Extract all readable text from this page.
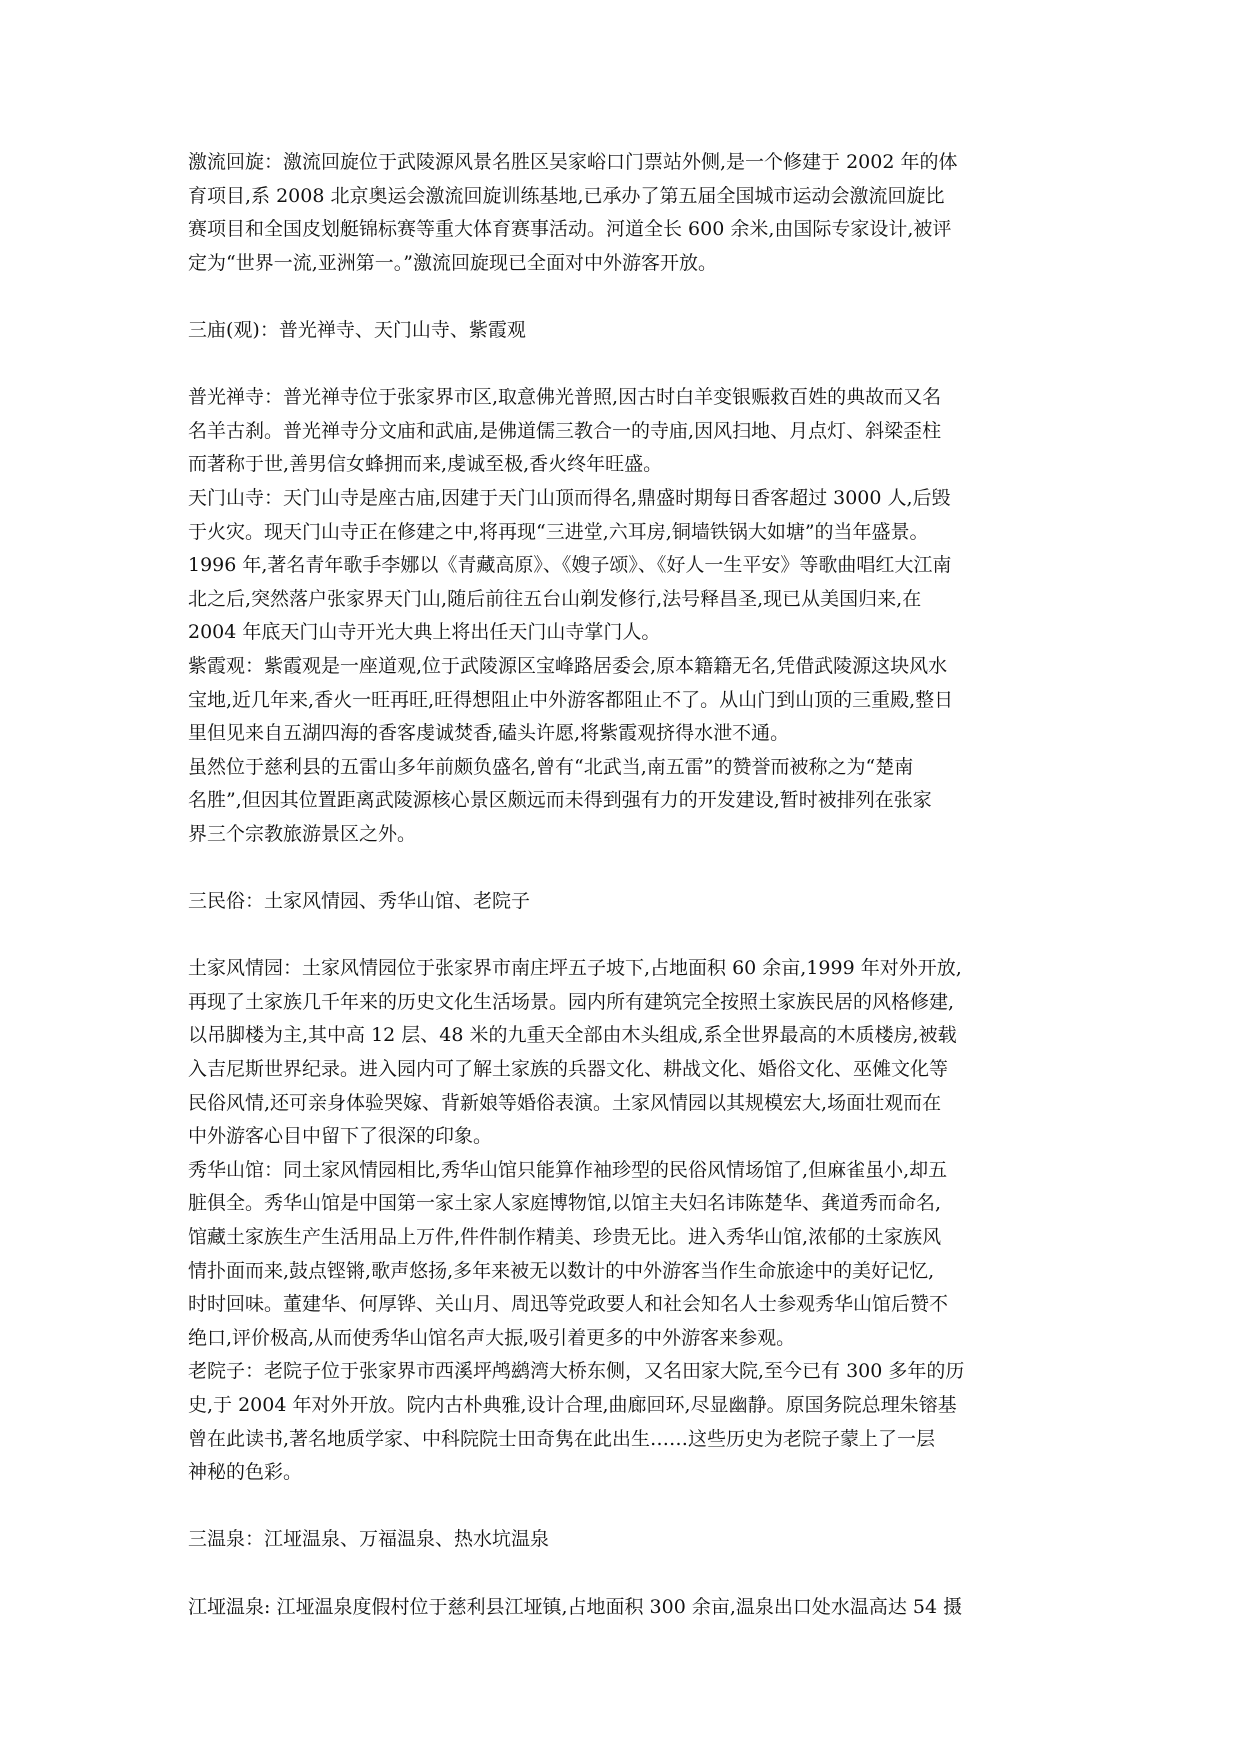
激流回旋：激流回旋位于武陵源风景名胜区吴家峪口门票站外侧,是一个修建于 2002 年的体
育项目,系 2008 北京奥运会激流回旋训练基地,已承办了第五届全国城市运动会激流回旋比
赛项目和全国皮划艇锦标赛等重大体育赛事活动。河道全长 600 余米,由国际专家设计,被评
定为“世界一流,亚洲第一。”激流回旋现已全面对中外游客开放。

三庙(观)：普光禅寺、天门山寺、紫霞观

普光禅寺：普光禅寺位于张家界市区,取意佛光普照,因古时白羊变银赈救百姓的典故而又名
名羊古刹。普光禅寺分文庙和武庙,是佛道儒三教合一的寺庙,因风扫地、月点灯、斜梁歪柱
而著称于世,善男信女蜂拥而来,虔诚至极,香火终年旺盛。

天门山寺：天门山寺是座古庙,因建于天门山顶而得名,鼎盛时期每日香客超过 3000 人,后毁
于火灾。现天门山寺正在修建之中,将再现“三进堂,六耳房,铜墙铁锅大如塘”的当年盛景。
1996 年,著名青年歌手李娜以《青藏高原》、《嫂子颂》、《好人一生平安》等歌曲唱红大江南
北之后,突然落户张家界天门山,随后前往五台山剃发修行,法号释昌圣,现已从美国归来,在
2004 年底天门山寺开光大典上将出任天门山寺掌门人。

紫霞观：紫霞观是一座道观,位于武陵源区宝峰路居委会,原本籍籍无名,凭借武陵源这块风水
宝地,近几年来,香火一旺再旺,旺得想阻止中外游客都阻止不了。从山门到山顶的三重殿,整日
里但见来自五湖四海的香客虔诚焚香,磕头许愿,将紫霞观挤得水泄不通。

虽然位于慈利县的五雷山多年前颇负盛名,曾有“北武当,南五雷”的赞誉而被称之为“楚南
名胜”,但因其位置距离武陵源核心景区颇远而未得到强有力的开发建设,暂时被排列在张家
界三个宗教旅游景区之外。

三民俗：土家风情园、秀华山馆、老院子

土家风情园：土家风情园位于张家界市南庄坪五子坡下,占地面积 60 余亩,1999 年对外开放,
再现了土家族几千年来的历史文化生活场景。园内所有建筑完全按照土家族民居的风格修建,
以吊脚楼为主,其中高 12 层、48 米的九重天全部由木头组成,系全世界最高的木质楼房,被载
入吉尼斯世界纪录。进入园内可了解土家族的兵器文化、耕战文化、婚俗文化、巫傩文化等
民俗风情,还可亲身体验哭嫁、背新娘等婚俗表演。土家风情园以其规模宏大,场面壮观而在
中外游客心目中留下了很深的印象。

秀华山馆：同土家风情园相比,秀华山馆只能算作袖珍型的民俗风情场馆了,但麻雀虽小,却五
脏俱全。秀华山馆是中国第一家土家人家庭博物馆,以馆主夫妇名讳陈楚华、龚道秀而命名,
馆藏土家族生产生活用品上万件,件件制作精美、珍贵无比。进入秀华山馆,浓郁的土家族风
情扑面而来,鼓点铿锵,歌声悠扬,多年来被无以数计的中外游客当作生命旅途中的美好记忆,
时时回味。董建华、何厚铧、关山月、周迅等党政要人和社会知名人士参观秀华山馆后赞不
绝口,评价极高,从而使秀华山馆名声大振,吸引着更多的中外游客来参观。

老院子：老院子位于张家界市西溪坪鸬鹚湾大桥东侧，又名田家大院,至今已有 300 多年的历
史,于 2004 年对外开放。院内古朴典雅,设计合理,曲廊回环,尽显幽静。原国务院总理朱镕基
曾在此读书,著名地质学家、中科院院士田奇隽在此出生……这些历史为老院子蒙上了一层
神秘的色彩。

三温泉：江垭温泉、万福温泉、热水坑温泉

江垭温泉: 江垭温泉度假村位于慈利县江垭镇,占地面积 300 余亩,温泉出口处水温高达 54 摄
